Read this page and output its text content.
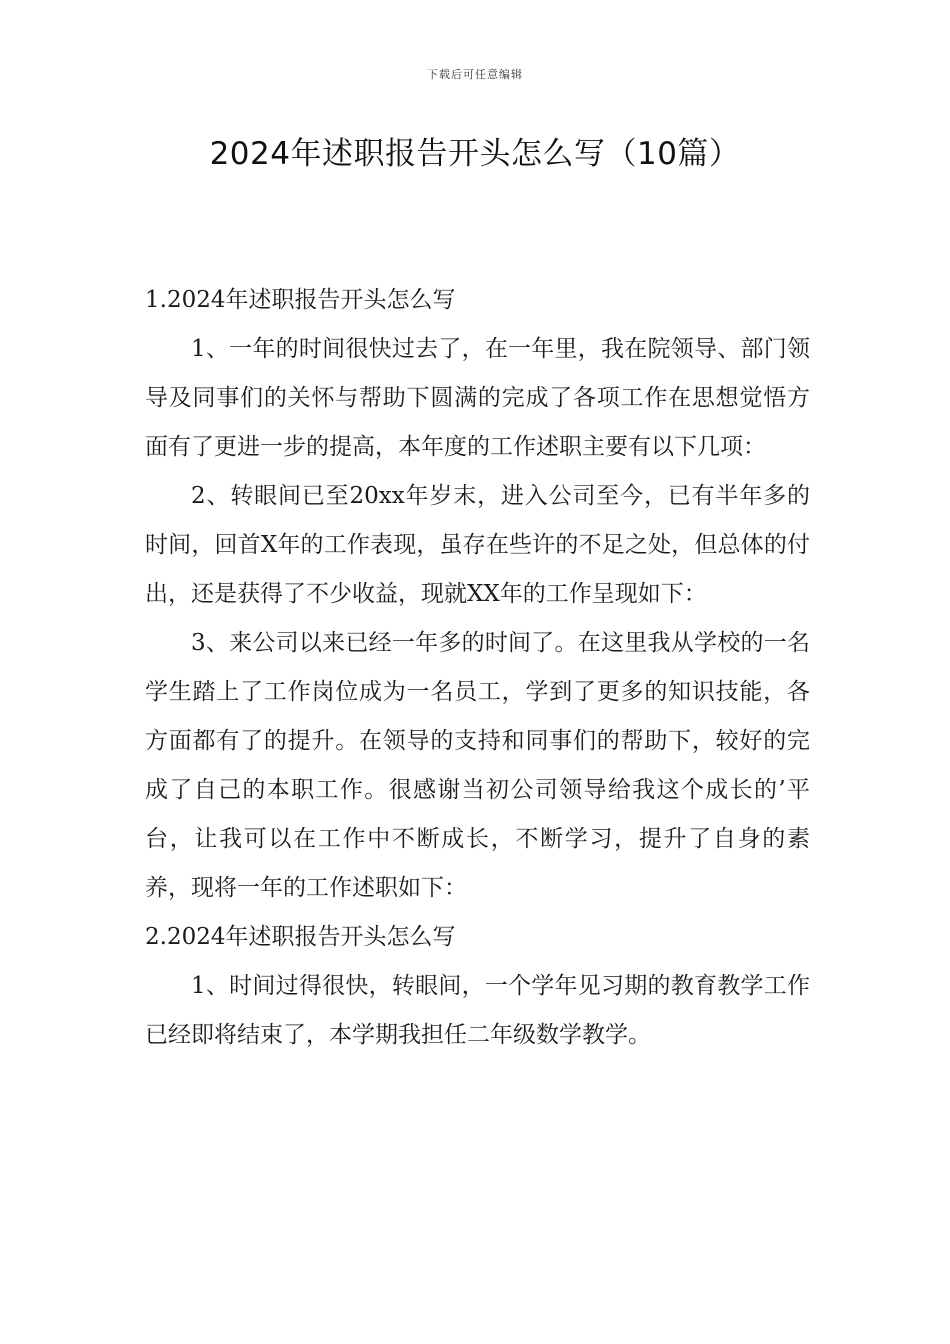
下载后可任意编辑
2024年述职报告开头怎么写（10篇）

1.2024年述职报告开头怎么写

1、一年的时间很快过去了，在一年里，我在院领导、部门领导及同事们的关怀与帮助下圆满的完成了各项工作在思想觉悟方面有了更进一步的提高，本年度的工作述职主要有以下几项：

2、转眼间已至20xx年岁末，进入公司至今，已有半年多的时间，回首X年的工作表现，虽存在些许的不足之处，但总体的付出，还是获得了不少收益，现就XX年的工作呈现如下：

3、来公司以来已经一年多的时间了。在这里我从学校的一名学生踏上了工作岗位成为一名员工，学到了更多的知识技能，各方面都有了的提升。在领导的支持和同事们的帮助下，较好的完成了自己的本职工作。很感谢当初公司领导给我这个成长的’平台，让我可以在工作中不断成长，不断学习，提升了自身的素养，现将一年的工作述职如下：

2.2024年述职报告开头怎么写

1、时间过得很快，转眼间，一个学年见习期的教育教学工作已经即将结束了，本学期我担任二年级数学教学。
